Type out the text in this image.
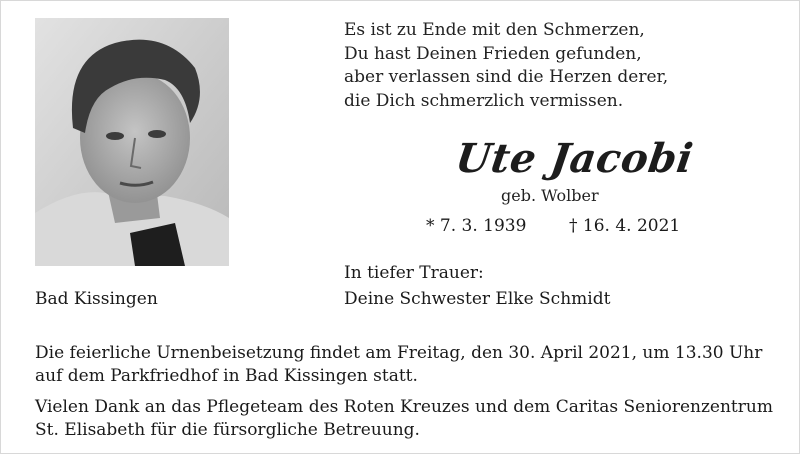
Es ist zu Ende mit den Schmerzen,
Du hast Deinen Frieden gefunden,
aber verlassen sind die Herzen derer,
die Dich schmerzlich vermissen.
Ute Jacobi
geb. Wolber
* 7. 3. 1939	† 16. 4. 2021
In tiefer Trauer:
Bad Kissingen	Deine Schwester Elke Schmidt
Die feierliche Urnenbeisetzung findet am Freitag, den 30. April 2021, um 13.30 Uhr
auf dem Parkfriedhof in Bad Kissingen statt.
Vielen Dank an das Pflegeteam des Roten Kreuzes und dem Caritas Seniorenzentrum
St. Elisabeth für die fürsorgliche Betreuung.
